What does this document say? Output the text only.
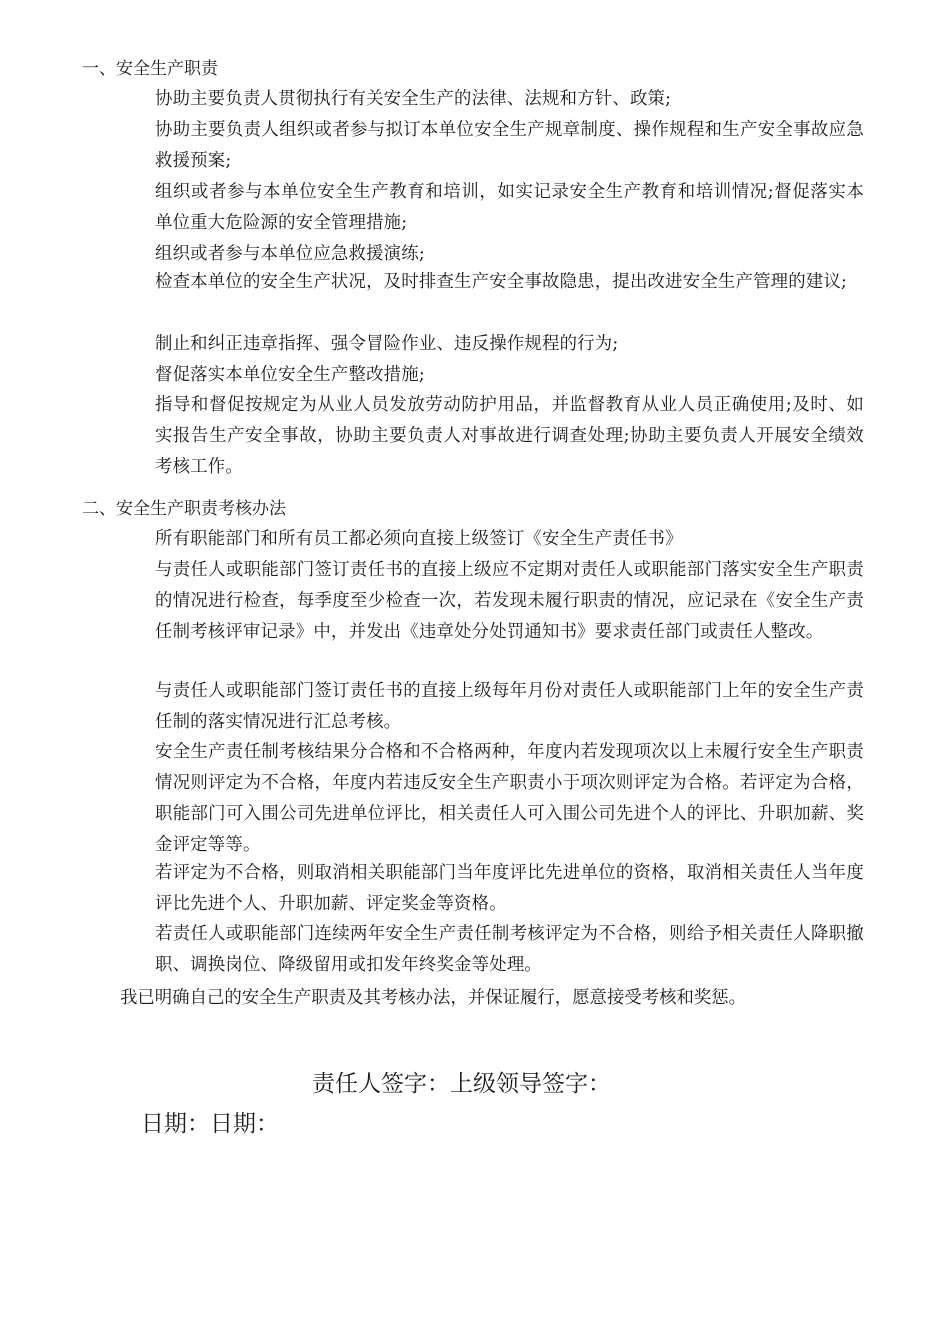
一、安全生产职责
协助主要负责人贯彻执行有关安全生产的法律、法规和方针、政策;
协助主要负责人组织或者参与拟订本单位安全生产规章制度、操作规程和生产安全事故应急救援预案;
组织或者参与本单位安全生产教育和培训，如实记录安全生产教育和培训情况;督促落实本单位重大危险源的安全管理措施;
组织或者参与本单位应急救援演练;
检查本单位的安全生产状况，及时排查生产安全事故隐患，提出改进安全生产管理的建议;
制止和纠正违章指挥、强令冒险作业、违反操作规程的行为;
督促落实本单位安全生产整改措施;
指导和督促按规定为从业人员发放劳动防护用品，并监督教育从业人员正确使用;及时、如实报告生产安全事故，协助主要负责人对事故进行调查处理;协助主要负责人开展安全绩效考核工作。
二、安全生产职责考核办法
所有职能部门和所有员工都必须向直接上级签订《安全生产责任书》
与责任人或职能部门签订责任书的直接上级应不定期对责任人或职能部门落实安全生产职责的情况进行检查，每季度至少检查一次，若发现未履行职责的情况，应记录在《安全生产责任制考核评审记录》中，并发出《违章处分处罚通知书》要求责任部门或责任人整改。
与责任人或职能部门签订责任书的直接上级每年月份对责任人或职能部门上年的安全生产责任制的落实情况进行汇总考核。
安全生产责任制考核结果分合格和不合格两种，年度内若发现项次以上未履行安全生产职责情况则评定为不合格，年度内若违反安全生产职责小于项次则评定为合格。若评定为合格，职能部门可入围公司先进单位评比，相关责任人可入围公司先进个人的评比、升职加薪、奖金评定等等。
若评定为不合格，则取消相关职能部门当年度评比先进单位的资格，取消相关责任人当年度评比先进个人、升职加薪、评定奖金等资格。
若责任人或职能部门连续两年安全生产责任制考核评定为不合格，则给予相关责任人降职撤职、调换岗位、降级留用或扣发年终奖金等处理。
我已明确自己的安全生产职责及其考核办法，并保证履行，愿意接受考核和奖惩。
责任人签字：上级领导签字：
日期：日期：
